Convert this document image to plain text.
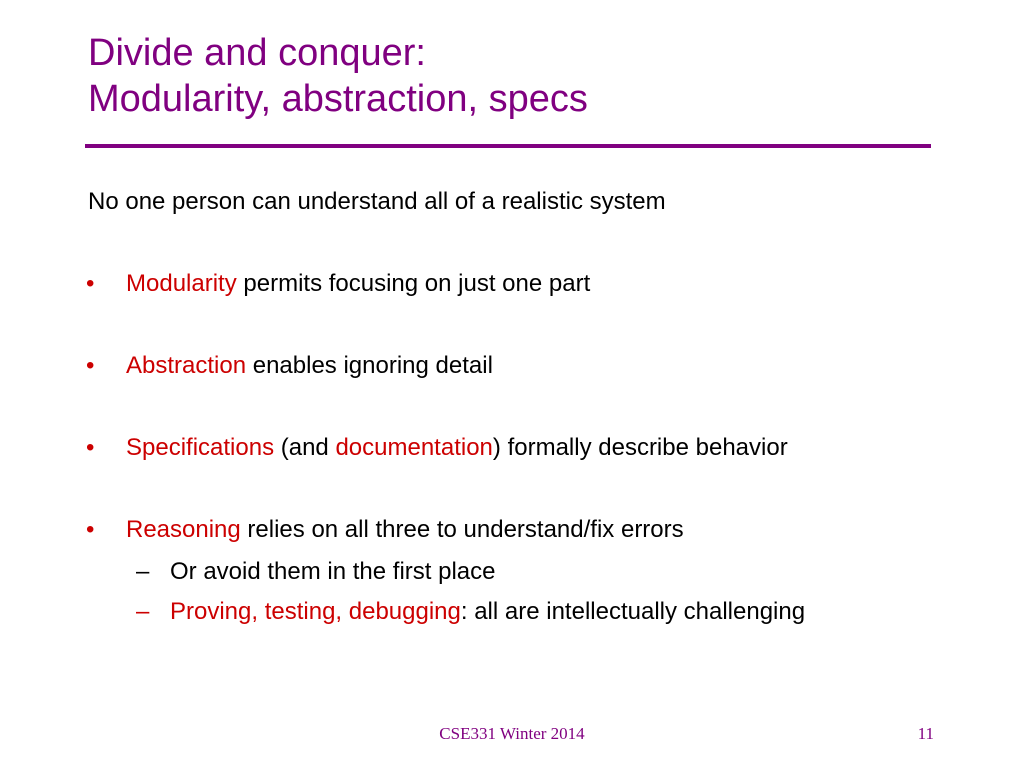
Divide and conquer:
Modularity, abstraction, specs
No one person can understand all of a realistic system
• Modularity permits focusing on just one part
• Abstraction enables ignoring detail
• Specifications (and documentation) formally describe behavior
• Reasoning relies on all three to understand/fix errors
– Or avoid them in the first place
– Proving, testing, debugging: all are intellectually challenging
CSE331 Winter 2014	11
